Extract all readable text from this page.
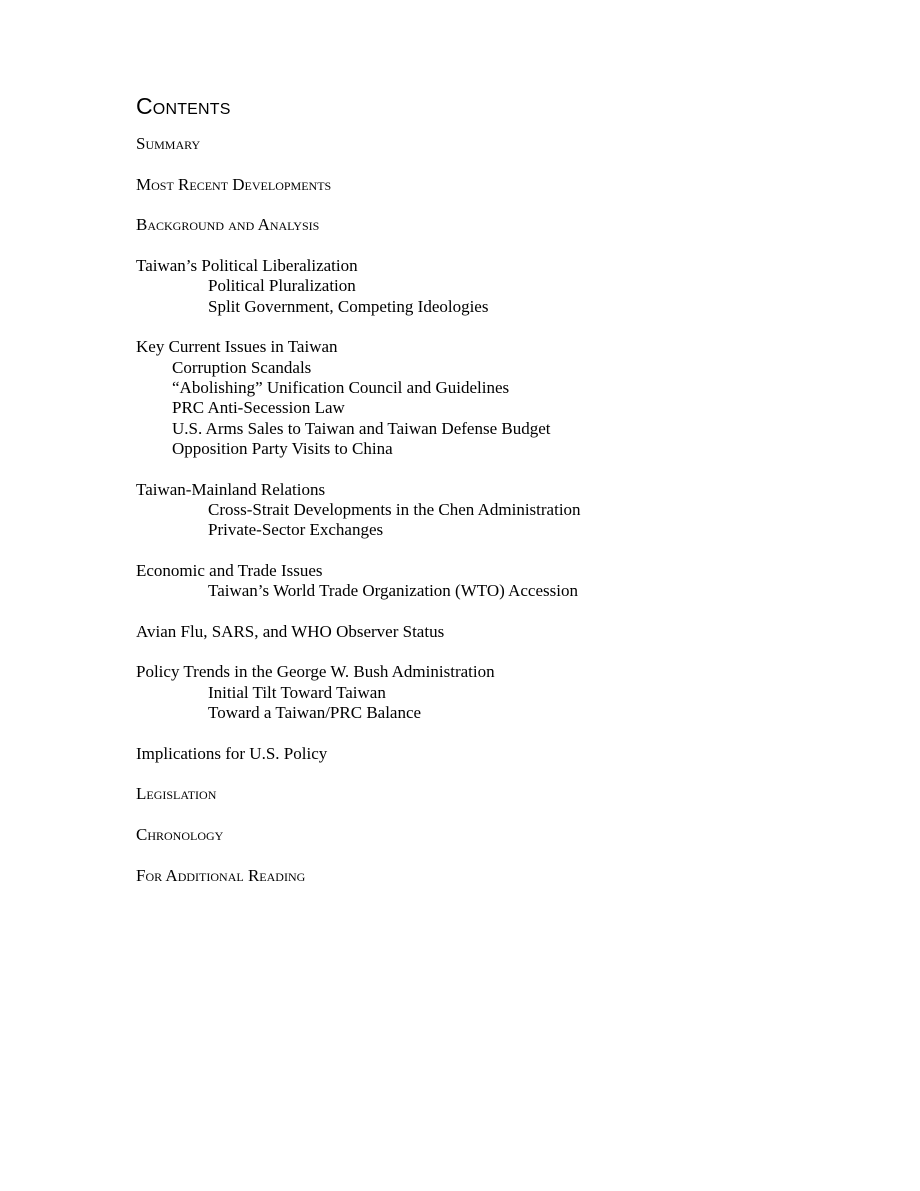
Contents
Summary
Most Recent Developments
Background and Analysis
Taiwan’s Political Liberalization
Political Pluralization
Split Government, Competing Ideologies
Key Current Issues in Taiwan
Corruption Scandals
“Abolishing” Unification Council and Guidelines
PRC Anti-Secession Law
U.S. Arms Sales to Taiwan and Taiwan Defense Budget
Opposition Party Visits to China
Taiwan-Mainland Relations
Cross-Strait Developments in the Chen Administration
Private-Sector Exchanges
Economic and Trade Issues
Taiwan’s World Trade Organization (WTO) Accession
Avian Flu, SARS, and WHO Observer Status
Policy Trends in the George W. Bush Administration
Initial Tilt Toward Taiwan
Toward a Taiwan/PRC Balance
Implications for U.S. Policy
Legislation
Chronology
For Additional Reading
